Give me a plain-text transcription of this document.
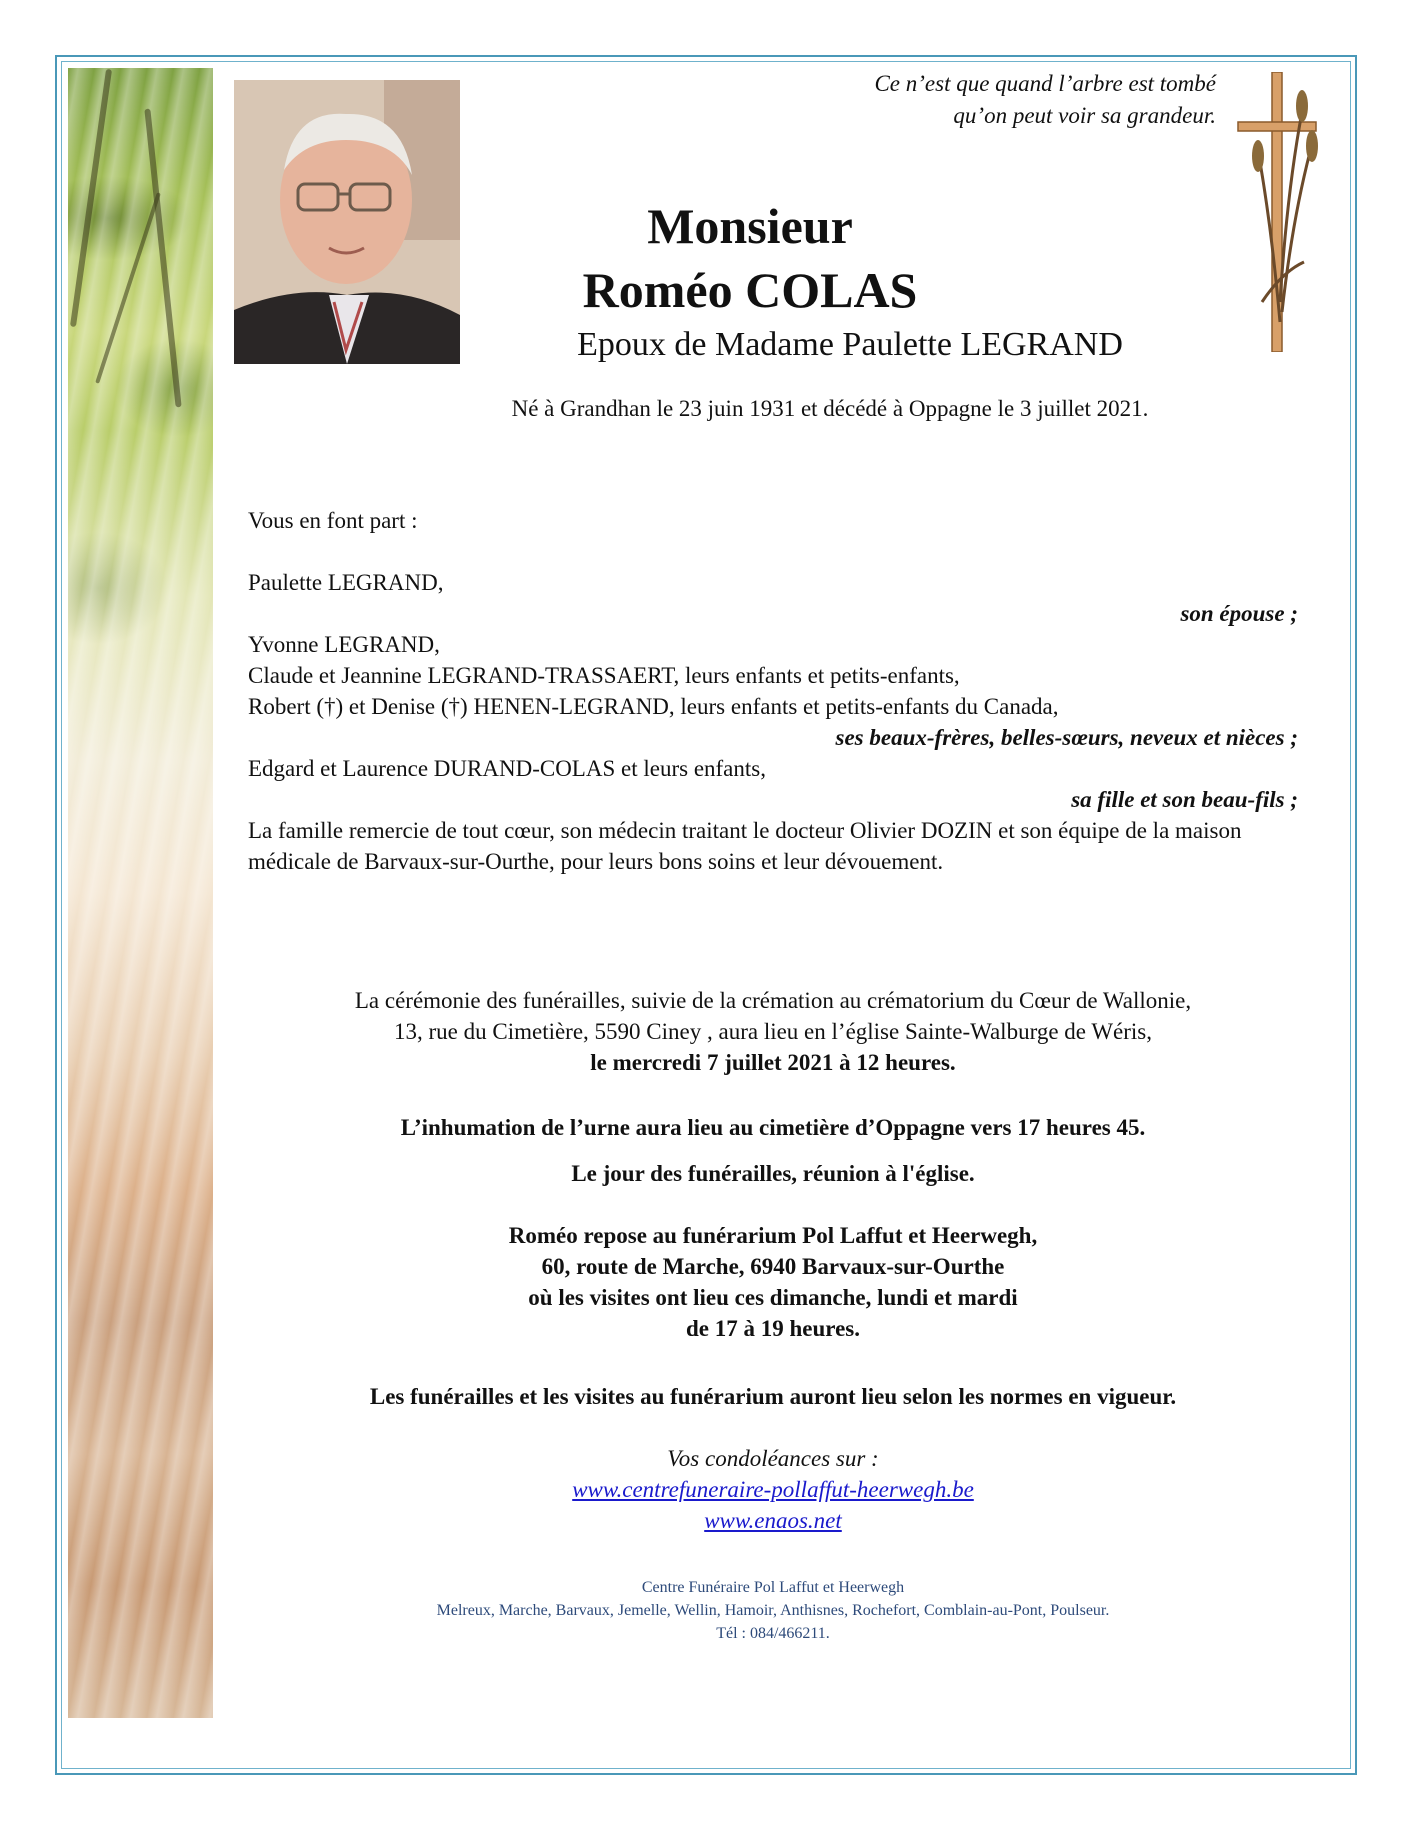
Ce n’est que quand l’arbre est tombé
qu’on peut voir sa grandeur.
Monsieur
Roméo COLAS
Epoux de Madame Paulette LEGRAND
Né à Grandhan le 23 juin 1931 et décédé à Oppagne le 3 juillet 2021.
Vous en font part :
Paulette LEGRAND,
son épouse ;
Yvonne LEGRAND,
Claude et Jeannine LEGRAND-TRASSAERT, leurs enfants et petits-enfants,
Robert (†) et Denise (†) HENEN-LEGRAND, leurs enfants et petits-enfants du Canada,
ses beaux-frères, belles-sœurs, neveux et nièces ;
Edgard et Laurence DURAND-COLAS et leurs enfants,
sa fille et son beau-fils ;
La famille remercie de tout cœur, son médecin traitant le docteur Olivier DOZIN et son équipe de la maison médicale de Barvaux-sur-Ourthe, pour leurs bons soins et leur dévouement.
La cérémonie des funérailles, suivie de la crémation au crématorium du Cœur de Wallonie,
13, rue du Cimetière, 5590 Ciney , aura lieu en l’église Sainte-Walburge de Wéris,
le mercredi 7 juillet 2021 à 12 heures.
L’inhumation de l’urne aura lieu au cimetière d’Oppagne vers 17 heures 45.
Le jour des funérailles, réunion à l'église.
Roméo repose au funérarium Pol Laffut et Heerwegh,
60, route de Marche, 6940 Barvaux-sur-Ourthe
où les visites ont lieu ces dimanche, lundi et mardi
de 17 à 19 heures.
Les funérailles et les visites au funérarium auront lieu selon les normes en vigueur.
Vos condoléances sur :
www.centrefuneraire-pollaffut-heerwegh.be
www.enaos.net
Centre Funéraire Pol Laffut et Heerwegh
Melreux, Marche, Barvaux, Jemelle, Wellin, Hamoir, Anthisnes, Rochefort, Comblain-au-Pont, Poulseur.
Tél : 084/466211.
